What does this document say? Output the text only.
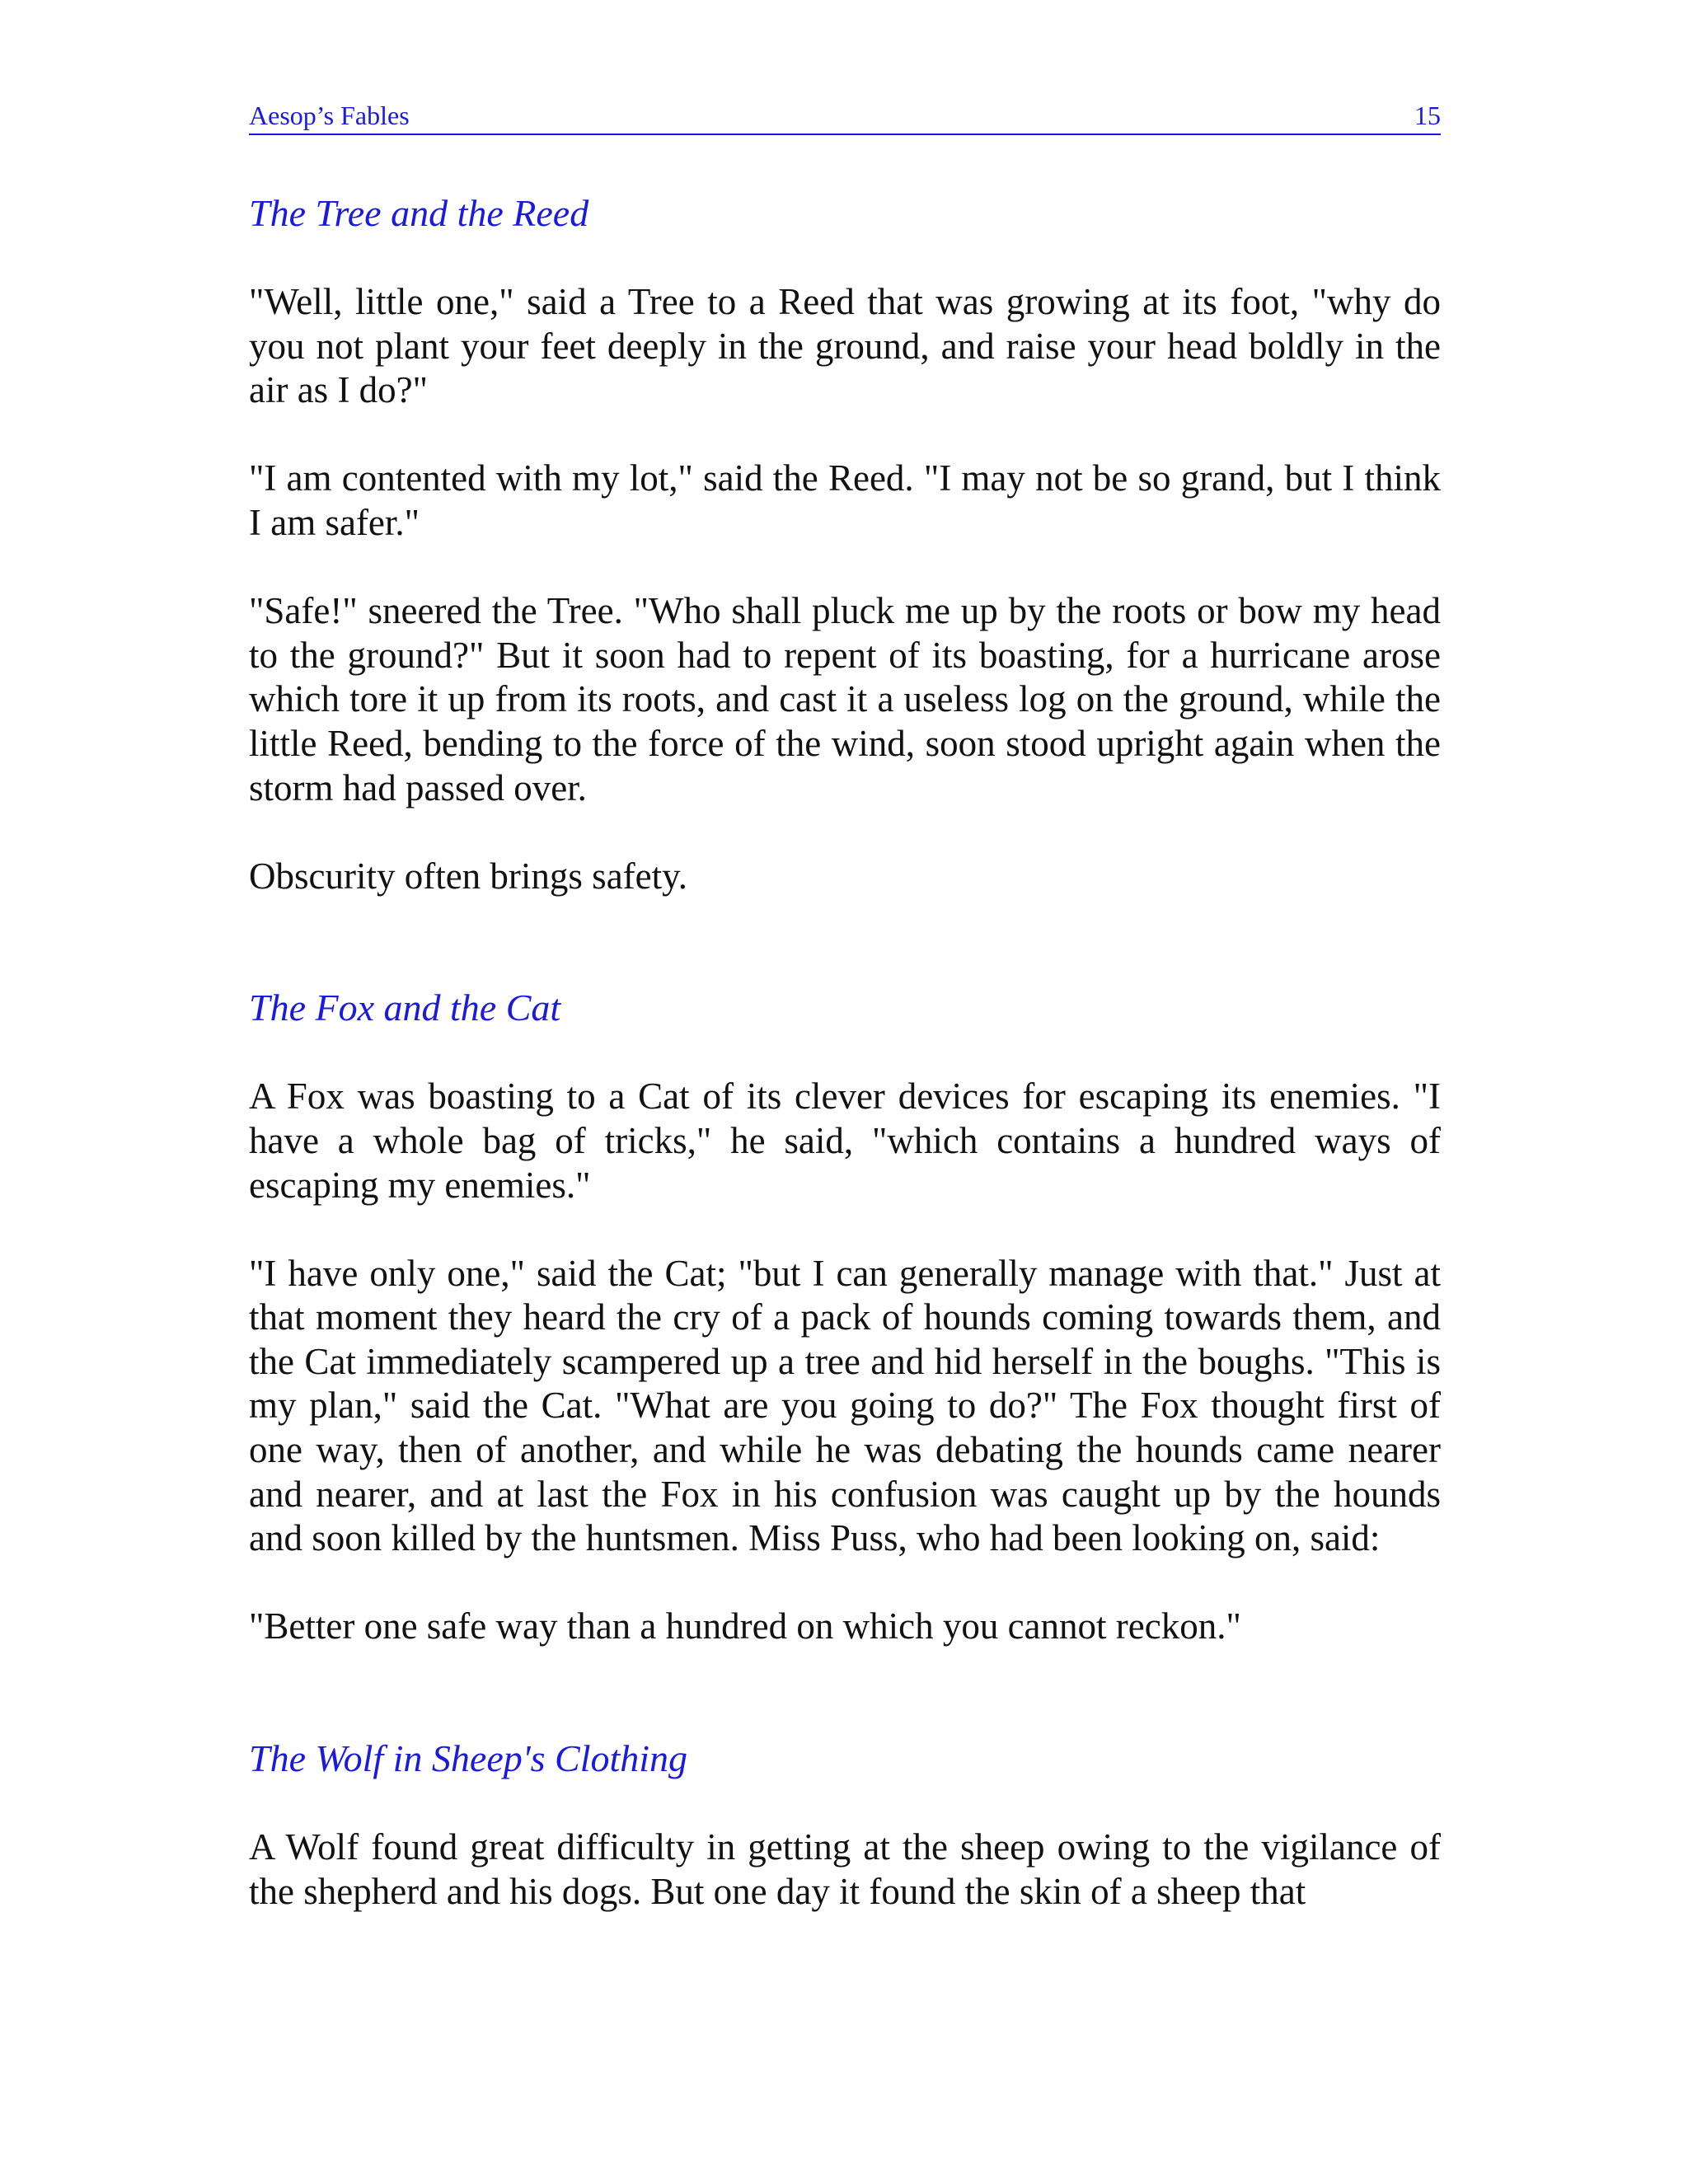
Aesop’s Fables	15
The Tree and the Reed

"Well, little one," said a Tree to a Reed that was growing at its foot, "why do you not plant your feet deeply in the ground, and raise your head boldly in the air as I do?"

"I am contented with my lot," said the Reed. "I may not be so grand, but I think I am safer."

"Safe!" sneered the Tree. "Who shall pluck me up by the roots or bow my head to the ground?" But it soon had to repent of its boasting, for a hurricane arose which tore it up from its roots, and cast it a useless log on the ground, while the little Reed, bending to the force of the wind, soon stood upright again when the storm had passed over.

Obscurity often brings safety.

The Fox and the Cat

A Fox was boasting to a Cat of its clever devices for escaping its enemies. "I have a whole bag of tricks," he said, "which contains a hundred ways of escaping my enemies."

"I have only one," said the Cat; "but I can generally manage with that." Just at that moment they heard the cry of a pack of hounds coming towards them, and the Cat immediately scampered up a tree and hid herself in the boughs. "This is my plan," said the Cat. "What are you going to do?" The Fox thought first of one way, then of another, and while he was debating the hounds came nearer and nearer, and at last the Fox in his confusion was caught up by the hounds and soon killed by the huntsmen. Miss Puss, who had been looking on, said:

"Better one safe way than a hundred on which you cannot reckon."

The Wolf in Sheep's Clothing

A Wolf found great difficulty in getting at the sheep owing to the vigilance of the shepherd and his dogs. But one day it found the skin of a sheep that
